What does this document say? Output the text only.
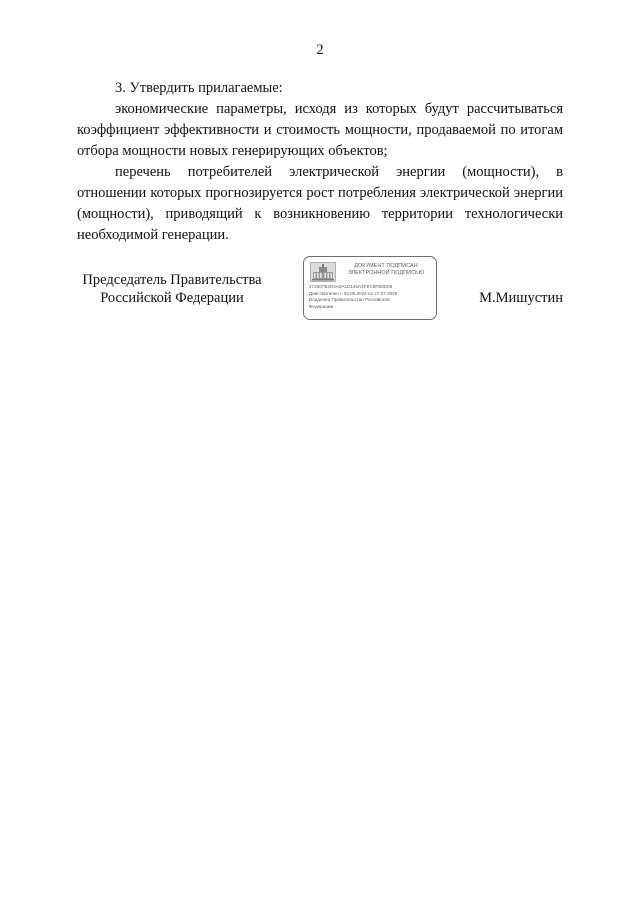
2

3. Утвердить прилагаемые:

экономические параметры, исходя из которых будут рассчитываться коэффициент эффективности и стоимость мощности, продаваемой по итогам отбора мощности новых генерирующих объектов;

перечень потребителей электрической энергии (мощности), в отношении которых прогнозируется рост потребления электрической энергии (мощности), приводящий к возникновению территории технологически необходимой генерации.

Председатель Правительства
Российской Федерации
ДОКУМЕНТ ПОДПИСАН
ЭЛЕКТРОННОЙ ПОДПИСЬЮ
272807B2D4A0A1D146A4FEC8FB8D09
Действителен с 03.05.2024 по 27.07.2026
Владелец Правительство Российской
Федерации
М.Мишустин
